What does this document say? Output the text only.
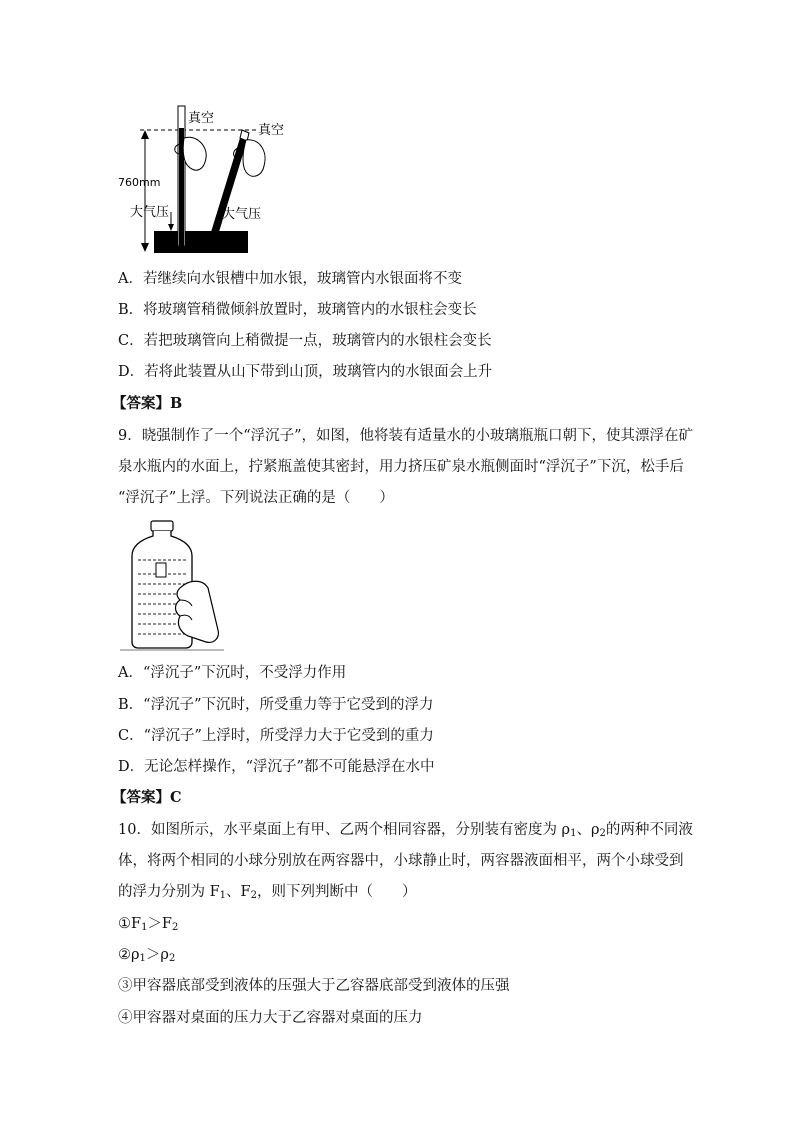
真空
真空
760mm
大气压	大气压
A．若继续向水银槽中加水银，玻璃管内水银面将不变
B．将玻璃管稍微倾斜放置时，玻璃管内的水银柱会变长
C．若把玻璃管向上稍微提一点，玻璃管内的水银柱会变长
D．若将此装置从山下带到山顶，玻璃管内的水银面会上升
【答案】B
9．晓强制作了一个“浮沉子”，如图，他将装有适量水的小玻璃瓶瓶口朝下，使其漂浮在矿
泉水瓶内的水面上，拧紧瓶盖使其密封，用力挤压矿泉水瓶侧面时“浮沉子”下沉，松手后
“浮沉子”上浮。下列说法正确的是（　　）
A．“浮沉子”下沉时，不受浮力作用
B．“浮沉子”下沉时，所受重力等于它受到的浮力
C．“浮沉子”上浮时，所受浮力大于它受到的重力
D．无论怎样操作，“浮沉子”都不可能悬浮在水中
【答案】C
10．如图所示，水平桌面上有甲、乙两个相同容器，分别装有密度为 $\rho_1$、$\rho_2$的两种不同液
体，将两个相同的小球分别放在两容器中，小球静止时，两容器液面相平，两个小球受到
的浮力分别为 $F_1$、$F_2$，则下列判断中（　　）
$①F_1>F_2$
$②\rho_1>\rho_2$
③甲容器底部受到液体的压强大于乙容器底部受到液体的压强
④甲容器对桌面的压力大于乙容器对桌面的压力
